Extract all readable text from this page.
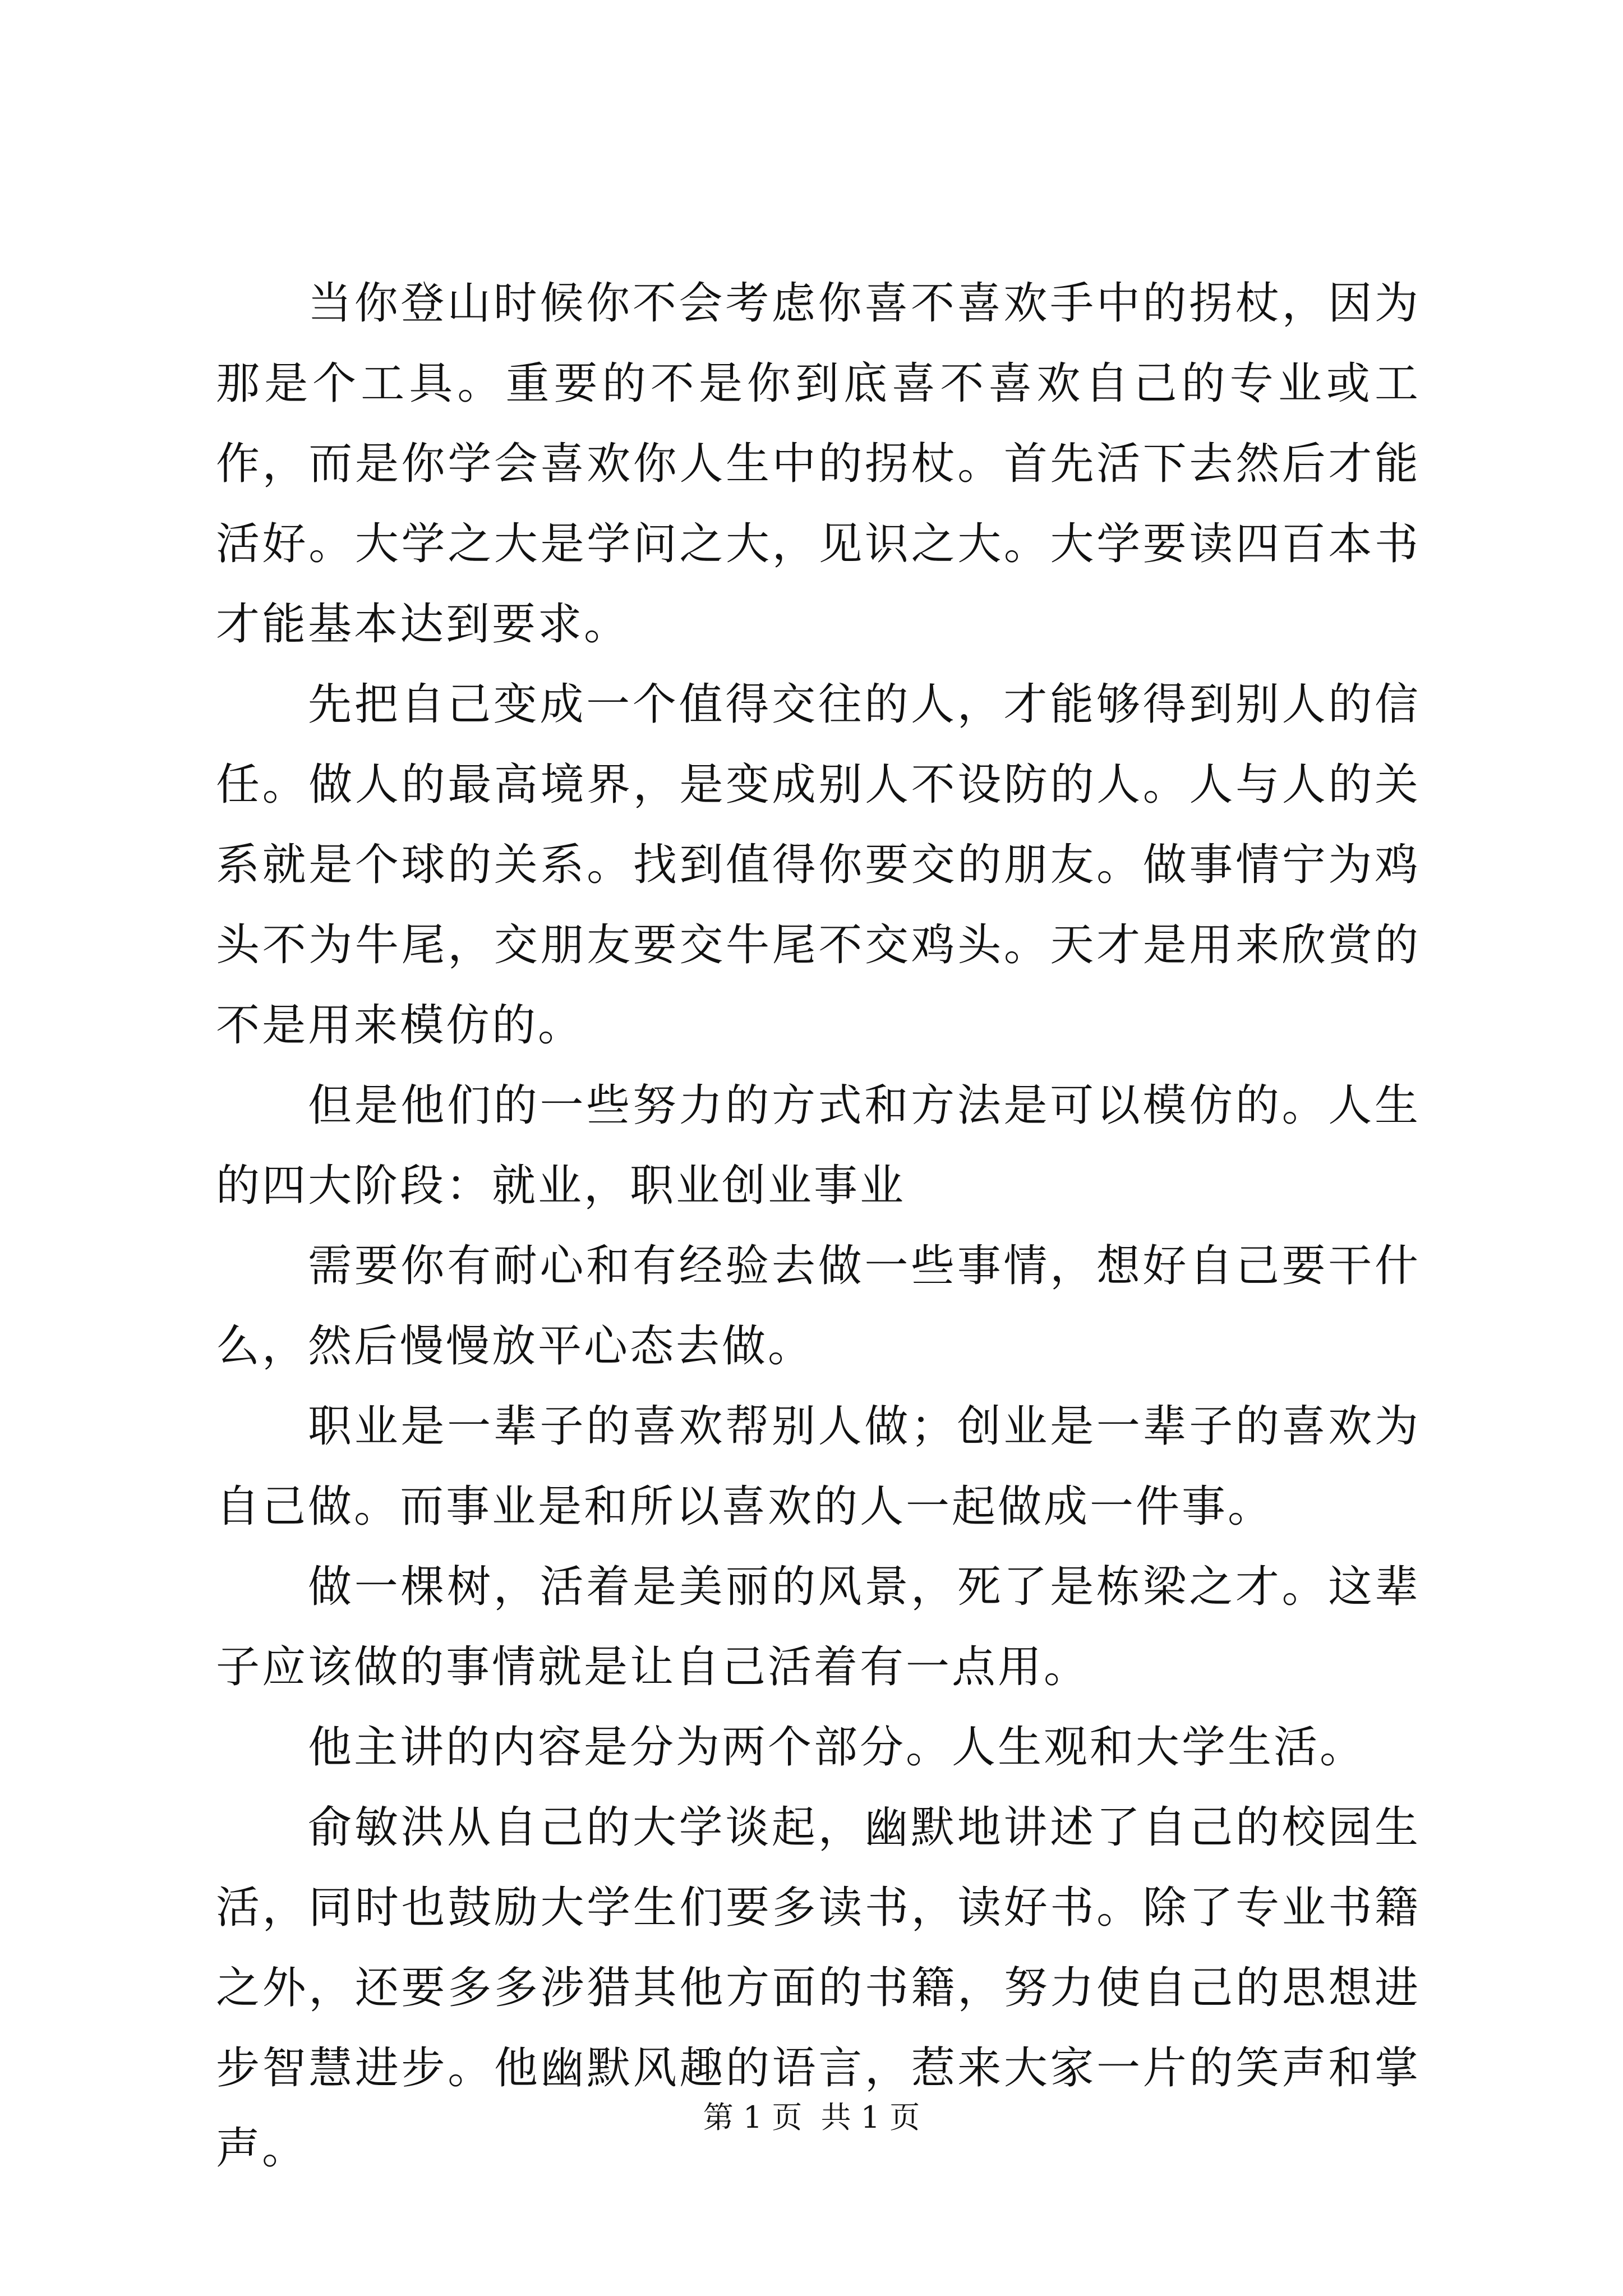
当你登山时候你不会考虑你喜不喜欢手中的拐杖，因为那是个工具。重要的不是你到底喜不喜欢自己的专业或工作，而是你学会喜欢你人生中的拐杖。首先活下去然后才能活好。大学之大是学问之大，见识之大。大学要读四百本书才能基本达到要求。

先把自己变成一个值得交往的人，才能够得到别人的信任。做人的最高境界，是变成别人不设防的人。人与人的关系就是个球的关系。找到值得你要交的朋友。做事情宁为鸡头不为牛尾，交朋友要交牛尾不交鸡头。天才是用来欣赏的不是用来模仿的。

但是他们的一些努力的方式和方法是可以模仿的。人生的四大阶段：就业，职业创业事业

需要你有耐心和有经验去做一些事情，想好自己要干什么，然后慢慢放平心态去做。

职业是一辈子的喜欢帮别人做；创业是一辈子的喜欢为自己做。而事业是和所以喜欢的人一起做成一件事。

做一棵树，活着是美丽的风景，死了是栋梁之才。这辈子应该做的事情就是让自己活着有一点用。

他主讲的内容是分为两个部分。人生观和大学生活。

俞敏洪从自己的大学谈起，幽默地讲述了自己的校园生活，同时也鼓励大学生们要多读书，读好书。除了专业书籍之外，还要多多涉猎其他方面的书籍，努力使自己的思想进步智慧进步。他幽默风趣的语言，惹来大家一片的笑声和掌声。

第 1 页 共 1 页
